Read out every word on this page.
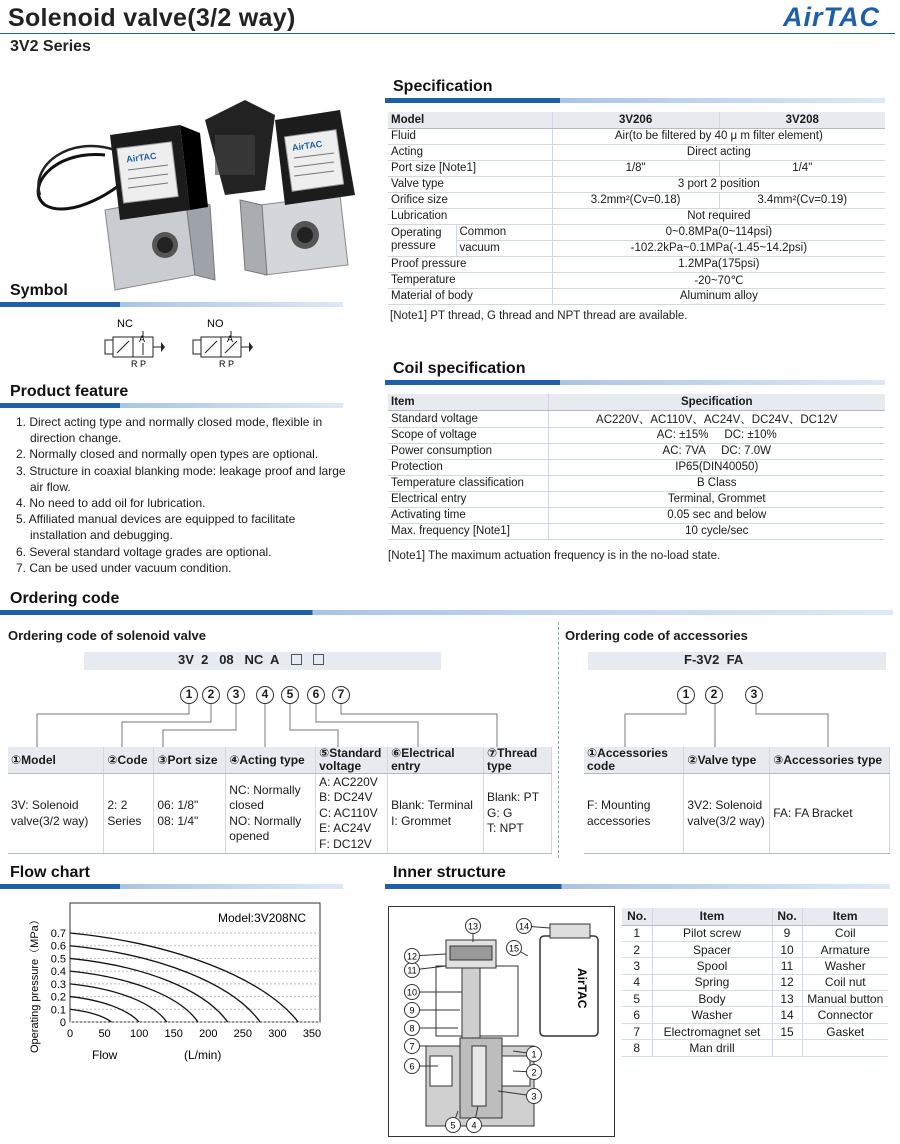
Solenoid valve(3/2 way)
3V2 Series
AirTAC
AirTAC
AirTAC
Symbol
NC	NO
A
R P
A
R P
Product feature
1. Direct acting type and normally closed mode, flexible in direction change.
2. Normally closed and normally open types are optional.
3. Structure in coaxial blanking mode: leakage proof and large air flow.
4. No need to add oil for lubrication.
5. Affiliated manual devices are equipped to facilitate installation and debugging.
6. Several standard voltage grades are optional.
7. Can be used under vacuum condition.
Specification
Model		3V206	3V208
Fluid		Air(to be filtered by 40 μ m filter element)	
Acting		Direct acting	
Port size [Note1]		1/8"	1/4"
Valve type		3 port 2 position	
Orifice size		3.2mm²(Cv=0.18)	3.4mm²(Cv=0.19)
Lubrication		Not required	
Operating
pressure	Common	0~0.8MPa(0~114psi)	
	vacuum	-102.2kPa~0.1MPa(-1.45~14.2psi)	
Proof pressure		1.2MPa(175psi)	
Temperature		-20~70℃	
Material of body		Aluminum alloy	
[Note1] PT thread, G thread and NPT thread are available.
Coil specification
Item	Specification
Standard voltage	AC220V、AC110V、AC24V、DC24V、DC12V
Scope of voltage	AC: ±15%     DC: ±10%
Power consumption	AC: 7VA     DC: 7.0W
Protection	IP65(DIN40050)
Temperature classification	B Class
Electrical entry	Terminal, Grommet
Activating time	0.05 sec and below
Max. frequency [Note1]	10 cycle/sec
[Note1] The maximum actuation frequency is in the no-load state.
Ordering code
Ordering code of solenoid valve
3V  2   08   NC  A
1 2 3 4 5 6 7
①Model	②Code	③Port size	④Acting type	⑤Standard voltage	⑥Electrical entry	⑦Thread type
3V: Solenoid valve(3/2 way)	2: 2 Series	06: 1/8"
08: 1/4"	NC: Normally closed
NO: Normally opened	A: AC220V
B: DC24V
C: AC110V
E: AC24V
F: DC12V	Blank: Terminal
I: Grommet	Blank: PT
G: G
T: NPT
Ordering code of accessories
F-3V2  FA
1 2	3
①Accessories code	②Valve type	③Accessories type
F: Mounting accessories	3V2: Solenoid valve(3/2 way)	FA: FA Bracket
Flow chart
0
0.1
0.2
0.3
0.4
0.5
0.6
0.7
0 50 100 150 200 250 300 350
Model:3V208NC
Flow	(L/min)
Operating pressure（MPa）
Inner structure
AirTAC
1
2
3
4
5
6
7
8
9
10
11
12
13	14
15
No.	Item	No.	Item
1	Pilot screw	9	Coil
2	Spacer	10	Armature
3	Spool	11	Washer
4	Spring	12	Coil nut
5	Body	13	Manual button
6	Washer	14	Connector
7	Electromagnet set	15	Gasket
8	Man drill		
